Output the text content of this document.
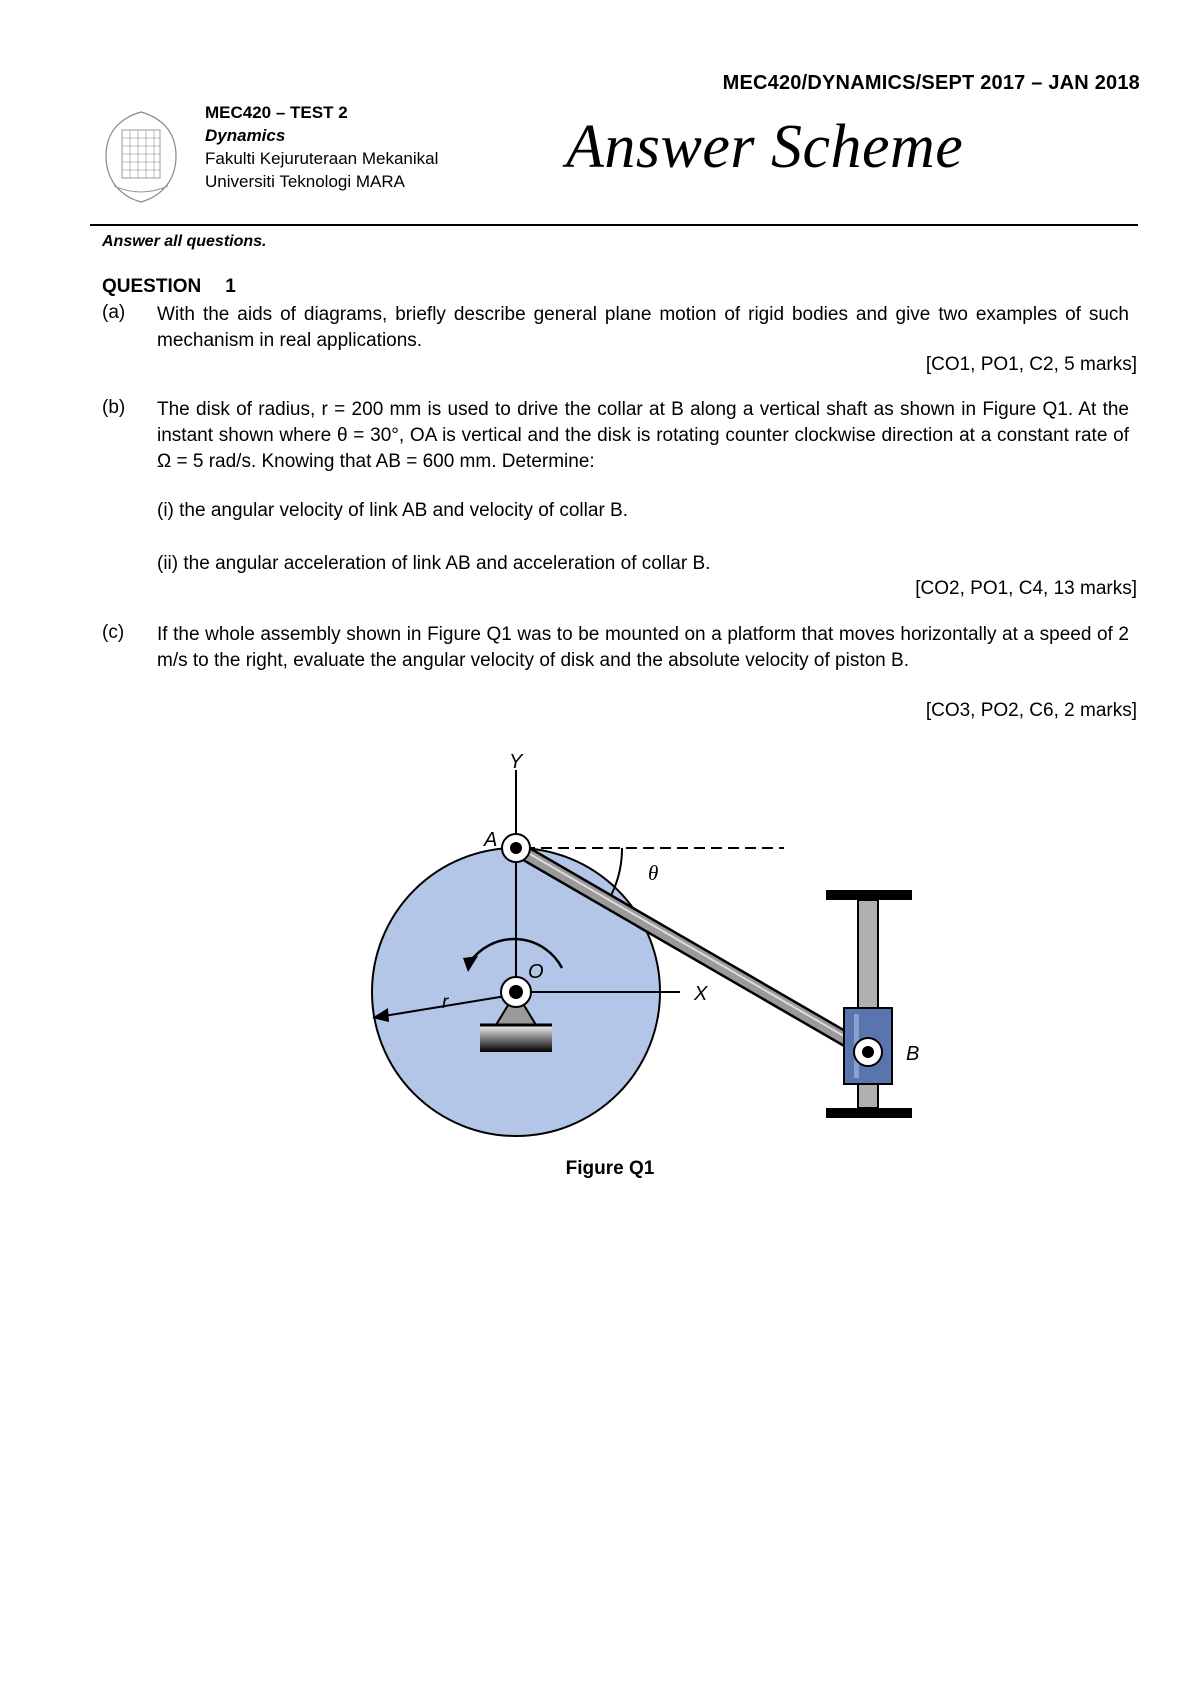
MEC420/DYNAMICS/SEPT 2017 – JAN 2018
MEC420 – TEST 2
Dynamics
Fakulti Kejuruteraan Mekanikal
Universiti Teknologi MARA
Answer Scheme
Answer all questions.
QUESTION 1
(a) With the aids of diagrams, briefly describe general plane motion of rigid bodies and give two examples of such mechanism in real applications.
[CO1, PO1, C2, 5 marks]
(b) The disk of radius, r = 200 mm is used to drive the collar at B along a vertical shaft as shown in Figure Q1. At the instant shown where θ = 30°, OA is vertical and the disk is rotating counter clockwise direction at a constant rate of Ω = 5 rad/s. Knowing that AB = 600 mm. Determine:
(i) the angular velocity of link AB and velocity of collar B.
(ii) the angular acceleration of link AB and acceleration of collar B.
[CO2, PO1, C4, 13 marks]
(c) If the whole assembly shown in Figure Q1 was to be mounted on a platform that moves horizontally at a speed of 2 m/s to the right, evaluate the angular velocity of disk and the absolute velocity of piston B.
[CO3, PO2, C6, 2 marks]
Y
A
θ
O
X
r
B
Figure Q1
